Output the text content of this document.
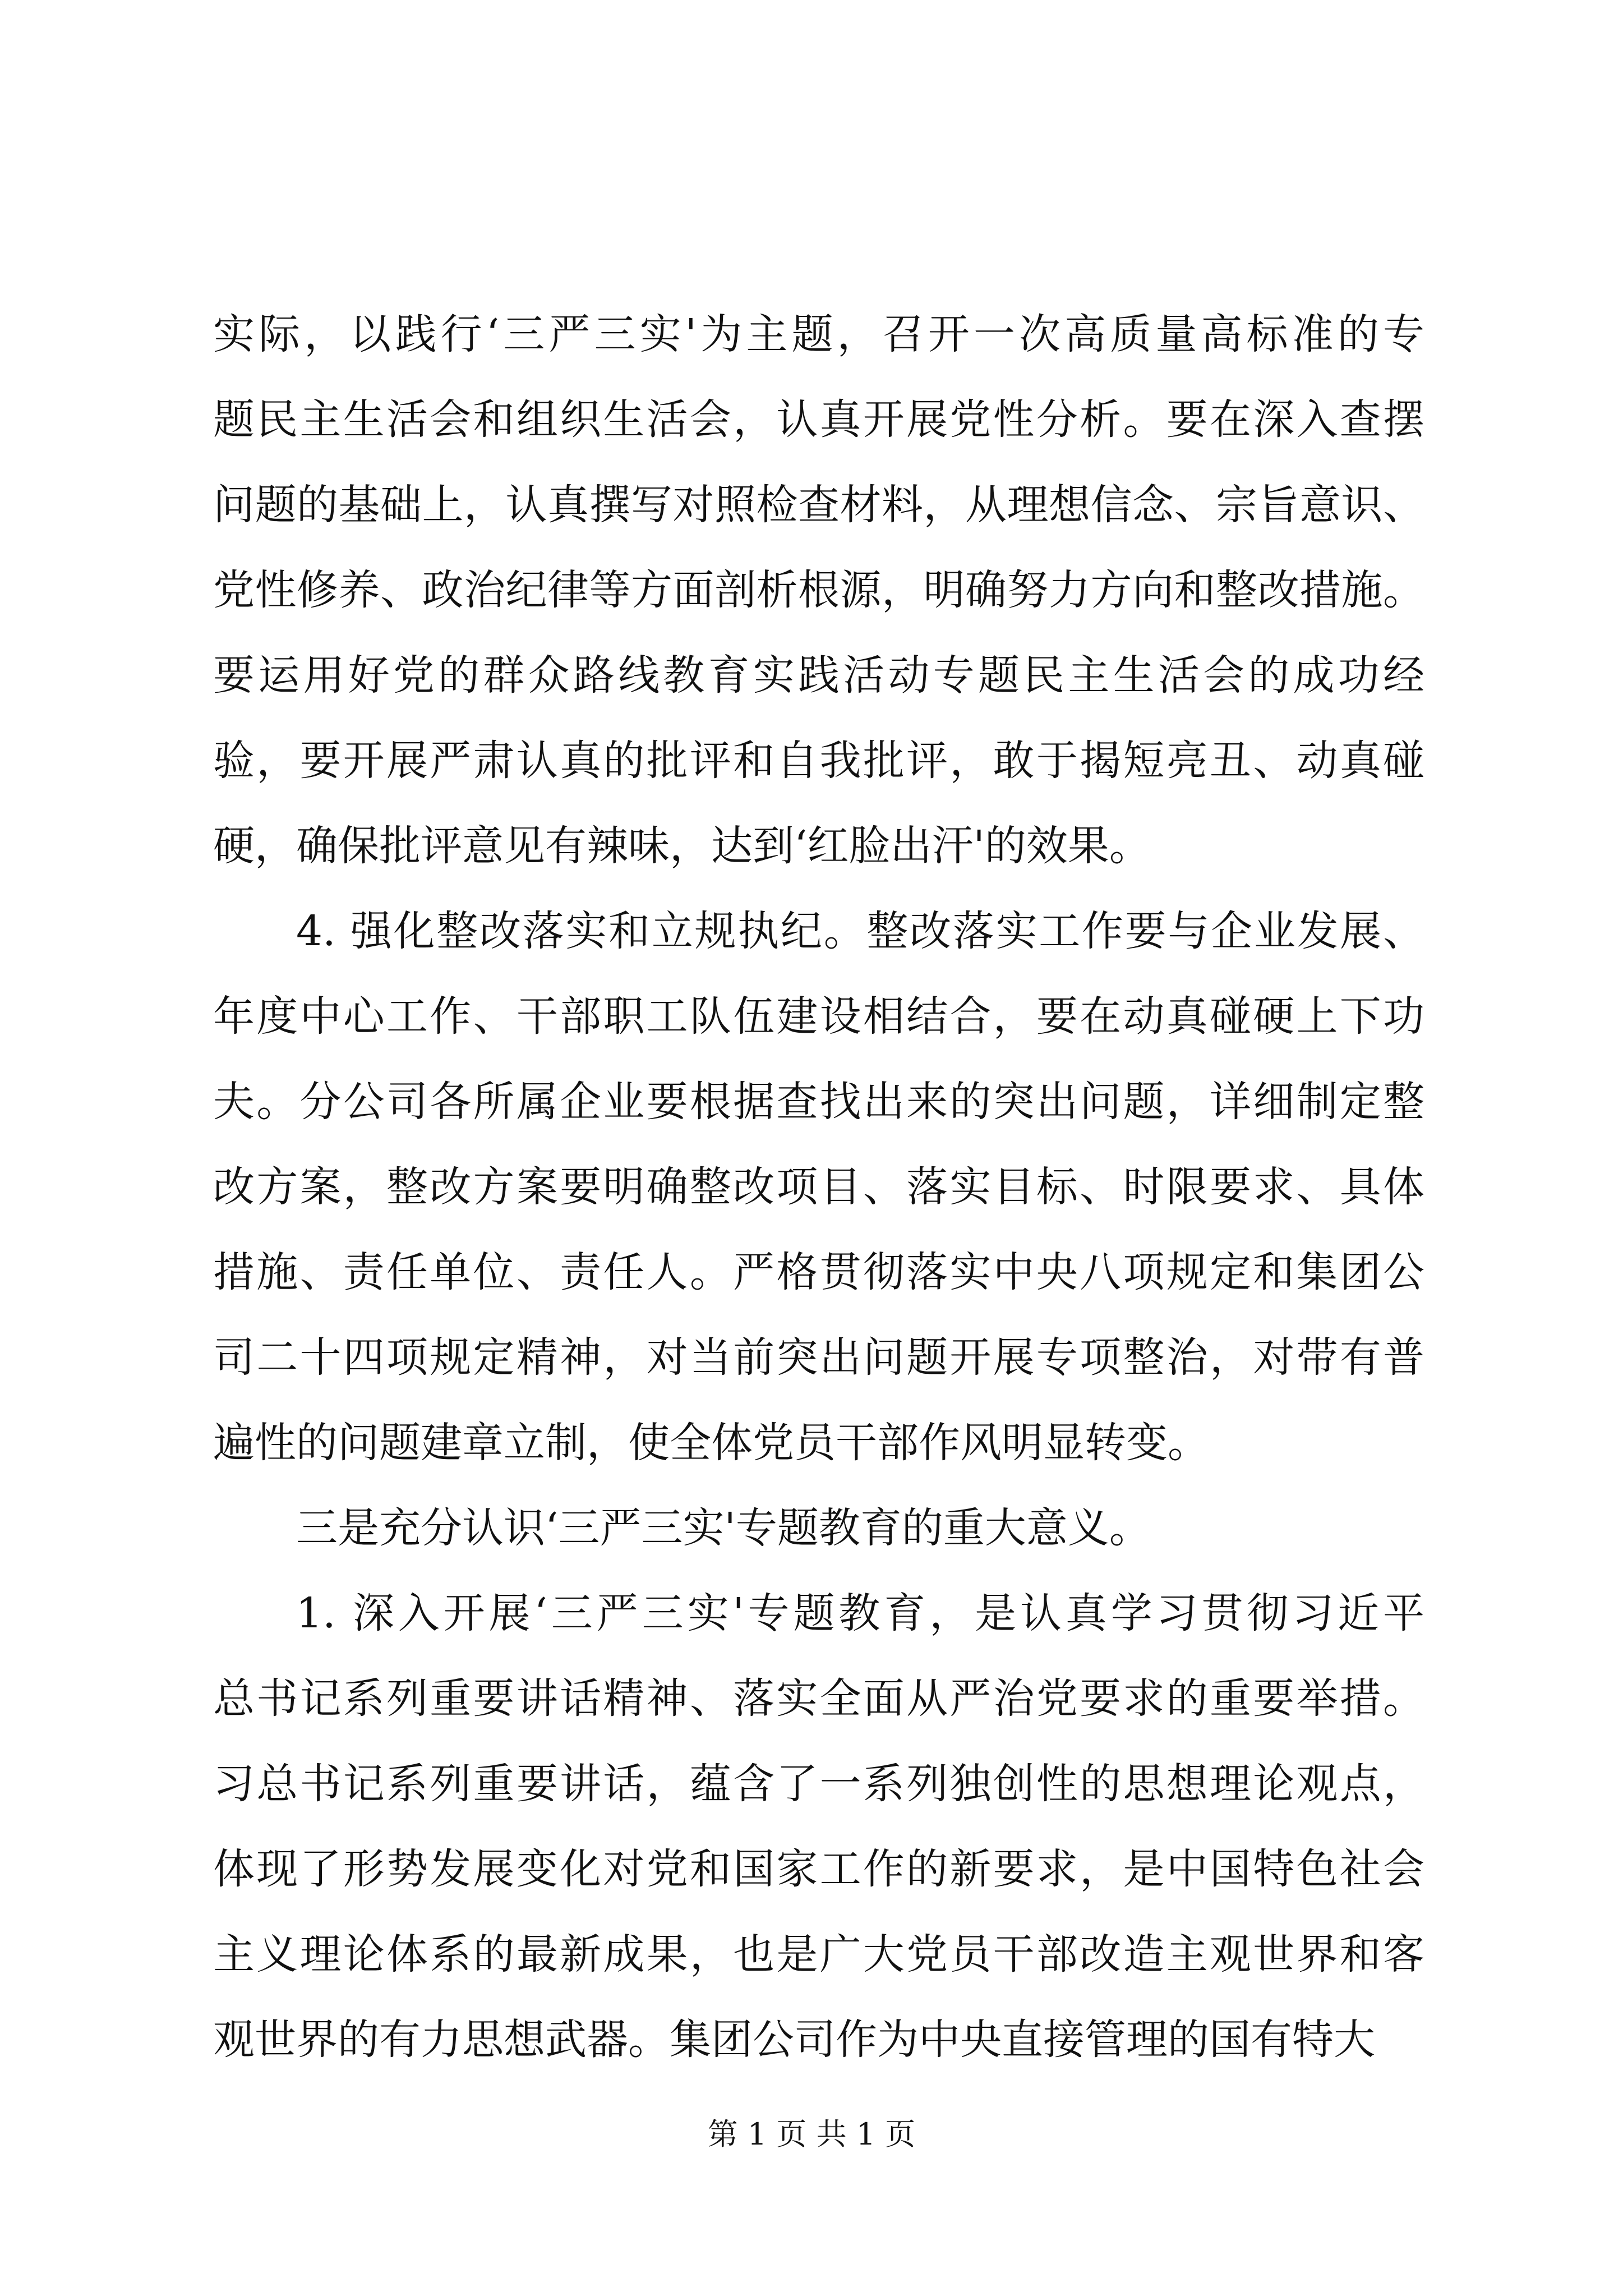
实际，以践行‘三严三实'为主题，召开一次高质量高标准的专
题民主生活会和组织生活会，认真开展党性分析。要在深入查摆
问题的基础上，认真撰写对照检查材料，从理想信念、宗旨意识、
党性修养、政治纪律等方面剖析根源，明确努力方向和整改措施。
要运用好党的群众路线教育实践活动专题民主生活会的成功经
验，要开展严肃认真的批评和自我批评，敢于揭短亮丑、动真碰
硬，确保批评意见有辣味，达到‘红脸出汗'的效果。
4. 强化整改落实和立规执纪。整改落实工作要与企业发展、
年度中心工作、干部职工队伍建设相结合，要在动真碰硬上下功
夫。分公司各所属企业要根据查找出来的突出问题，详细制定整
改方案，整改方案要明确整改项目、落实目标、时限要求、具体
措施、责任单位、责任人。严格贯彻落实中央八项规定和集团公
司二十四项规定精神，对当前突出问题开展专项整治，对带有普
遍性的问题建章立制，使全体党员干部作风明显转变。
三是充分认识‘三严三实'专题教育的重大意义。
1. 深入开展‘三严三实'专题教育，是认真学习贯彻习近平
总书记系列重要讲话精神、落实全面从严治党要求的重要举措。
习总书记系列重要讲话，蕴含了一系列独创性的思想理论观点，
体现了形势发展变化对党和国家工作的新要求，是中国特色社会
主义理论体系的最新成果，也是广大党员干部改造主观世界和客
观世界的有力思想武器。集团公司作为中央直接管理的国有特大
第 1 页 共 1 页
